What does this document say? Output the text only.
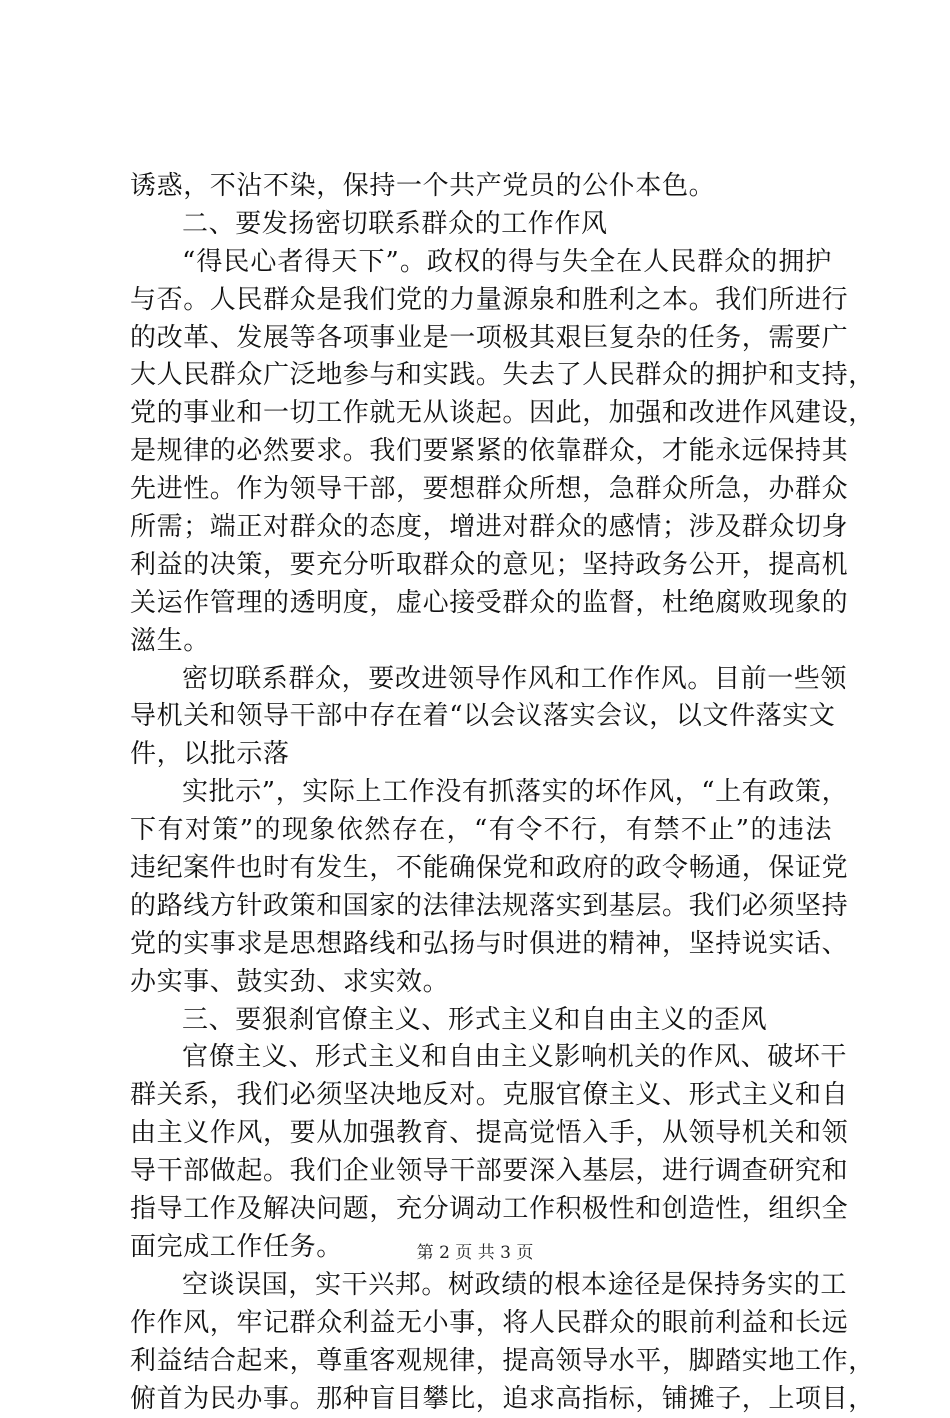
诱惑，不沾不染，保持一个共产党员的公仆本色。
二、要发扬密切联系群众的工作作风
“得民心者得天下”。政权的得与失全在人民群众的拥护
与否。人民群众是我们党的力量源泉和胜利之本。我们所进行
的改革、发展等各项事业是一项极其艰巨复杂的任务，需要广
大人民群众广泛地参与和实践。失去了人民群众的拥护和支持，
党的事业和一切工作就无从谈起。因此，加强和改进作风建设，
是规律的必然要求。我们要紧紧的依靠群众，才能永远保持其
先进性。作为领导干部，要想群众所想，急群众所急，办群众
所需；端正对群众的态度，增进对群众的感情；涉及群众切身
利益的决策，要充分听取群众的意见；坚持政务公开，提高机
关运作管理的透明度，虚心接受群众的监督，杜绝腐败现象的
滋生。
密切联系群众，要改进领导作风和工作作风。目前一些领
导机关和领导干部中存在着“以会议落实会议，以文件落实文
件，以批示落
实批示”，实际上工作没有抓落实的坏作风，“上有政策，
下有对策”的现象依然存在，“有令不行，有禁不止”的违法
违纪案件也时有发生，不能确保党和政府的政令畅通，保证党
的路线方针政策和国家的法律法规落实到基层。我们必须坚持
党的实事求是思想路线和弘扬与时俱进的精神，坚持说实话、
办实事、鼓实劲、求实效。
三、要狠刹官僚主义、形式主义和自由主义的歪风
官僚主义、形式主义和自由主义影响机关的作风、破坏干
群关系，我们必须坚决地反对。克服官僚主义、形式主义和自
由主义作风，要从加强教育、提高觉悟入手，从领导机关和领
导干部做起。我们企业领导干部要深入基层，进行调查研究和
指导工作及解决问题，充分调动工作积极性和创造性，组织全
面完成工作任务。
空谈误国，实干兴邦。树政绩的根本途径是保持务实的工
作作风，牢记群众利益无小事，将人民群众的眼前利益和长远
利益结合起来，尊重客观规律，提高领导水平，脚踏实地工作，
俯首为民办事。那种盲目攀比，追求高指标，铺摊子，上项目，
第 2 页 共 3 页
